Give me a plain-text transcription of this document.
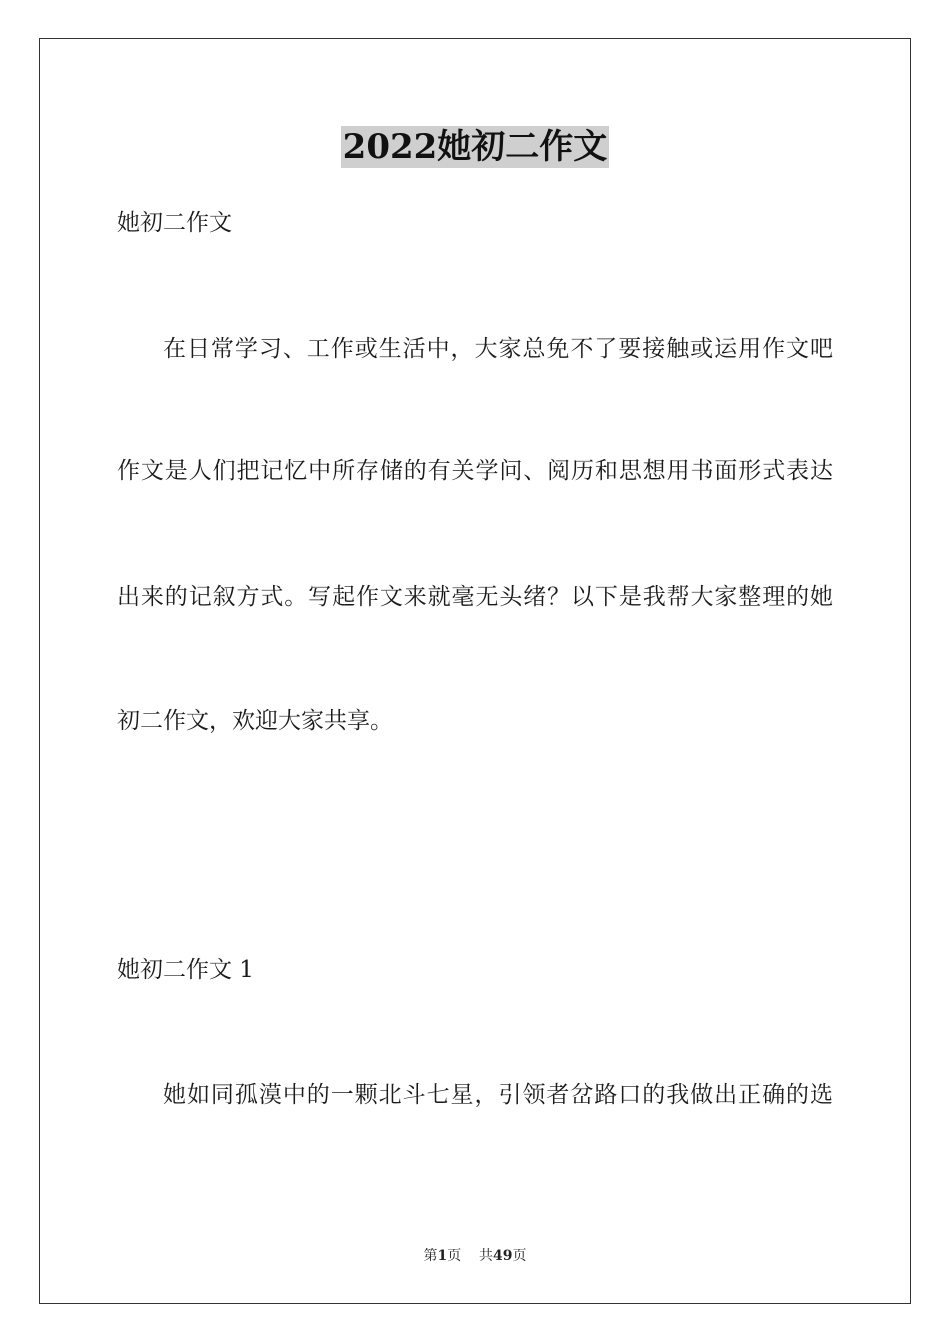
2022她初二作文
她初二作文
在日常学习、工作或生活中，大家总免不了要接触或运用作文吧
作文是人们把记忆中所存储的有关学问、阅历和思想用书面形式表达
出来的记叙方式。写起作文来就毫无头绪？以下是我帮大家整理的她
初二作文，欢迎大家共享。
她初二作文 1
她如同孤漠中的一颗北斗七星，引领者岔路口的我做出正确的选
第1页 共49页
